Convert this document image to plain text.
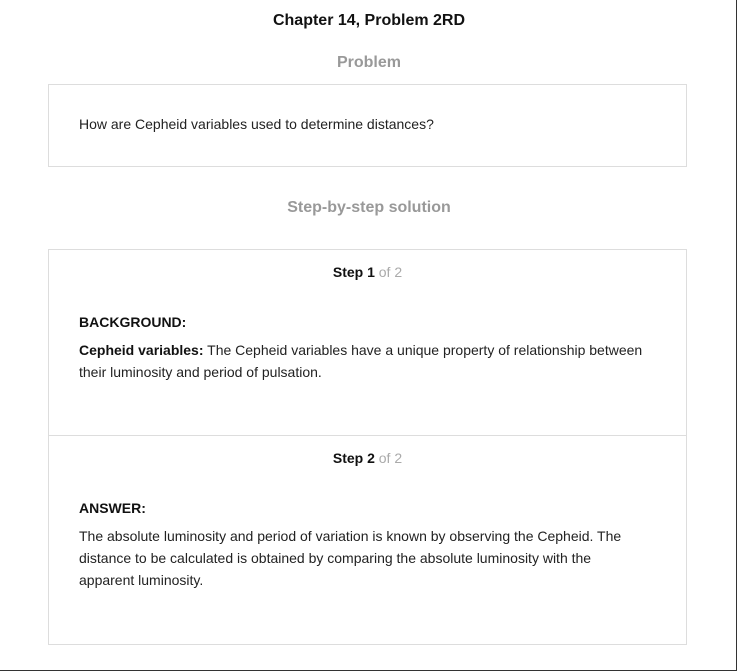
Chapter 14, Problem 2RD
Problem
How are Cepheid variables used to determine distances?
Step-by-step solution
Step 1 of 2
BACKGROUND:
Cepheid variables: The Cepheid variables have a unique property of relationship between their luminosity and period of pulsation.
Step 2 of 2
ANSWER:
The absolute luminosity and period of variation is known by observing the Cepheid. The distance to be calculated is obtained by comparing the absolute luminosity with the apparent luminosity.
